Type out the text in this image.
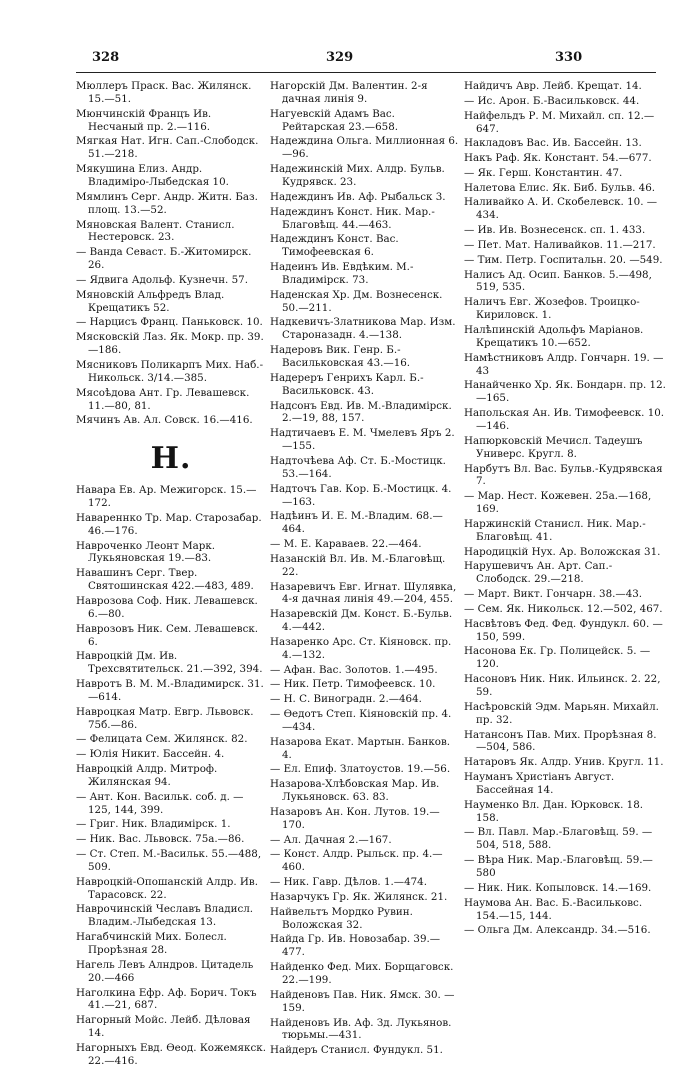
328	329	330
Мюллеръ Праск. Вас. Жилянск. 15.—51.
Мюнчинскій Францъ Ив. Несчаный пр. 2.—116.
Мягкая Нат. Игн. Сап.-Слободск. 51.—218.
Мякушина Елиз. Андр. Владиміро-Лыбедская 10.
Мямлинъ Серг. Андр. Житн. Баз. площ. 13.—52.
Мяновская Валент. Станисл. Нестеровск. 23.
— Ванда Севаст. Б.-Житомирск. 26.
— Ядвига Адольф. Кузнечн. 57.
Мяновскій Альфредъ Влад. Крещатикъ 52.
— Нарцисъ Франц. Паньковск. 10.
Мясковскій Лаз. Як. Мокр. пр. 39.—186.
Мясниковъ Поликарпъ Мих. Наб.-Никольск. 3/14.—385.
Мясоѣдова Ант. Гр. Левашевск. 11.—80, 81.
Мячинъ Ав. Ал. Совск. 16.—416.
Н.
Навара Ев. Ар. Межигорск. 15.—172.
Навареннко Тр. Мар. Старозабар. 46.—176.
Навроченко Леонт Марк. Лукьяновская 19.—83.
Навашинъ Серг. Твер. Святошинская 422.—483, 489.
Наврозова Соф. Ник. Левашевск. 6.—80.
Наврозовъ Ник. Сем. Левашевск. 6.
Навроцкій Дм. Ив. Трехсвятительск. 21.—392, 394.
Навротъ В. М. М.-Владимирск. 31.—614.
Навроцкая Матр. Евгр. Львовск. 75б.—86.
— Фелицата Сем. Жилянск. 82.
— Юлія Никит. Бассейн. 4.
Навроцкій Алдр. Митроф. Жилянская 94.
— Ант. Кон. Васильк. соб. д. —125, 144, 399.
— Григ. Ник. Владимірск. 1.
— Ник. Вас. Львовск. 75а.—86.
— Ст. Степ. М.-Васильк. 55.—488, 509.
Навроцкій-Опошанскій Алдр. Ив. Тарасовск. 22.
Наврочинскій Чеславъ Владисл. Владим.-Лыбедская 13.
Нагабчинскій Мих. Болесл. Прорѣзная 28.
Нагель Левъ Алндров. Цитадель 20.—466
Наголкина Ефр. Аф. Борич. Токъ 41.—21, 687.
Нагорный Мойс. Лейб. Дѣловая 14.
Нагорныхъ Евд. Ѳеод. Кожемякск. 22.—416.
Нагорскій Дм. Валентин. 2-я дачная линія 9.
Нагуевскій Адамъ Вас. Рейтарская 23.—658.
Надеждина Ольга. Миллионная 6.—96.
Надежинскій Мих. Алдр. Бульв. Кудрявск. 23.
Надеждинъ Ив. Аф. Рыбальск 3.
Надеждинъ Конст. Ник. Мар.-Благовѣщ. 44.—463.
Надеждинъ Конст. Вас. Тимофеевская 6.
Надеинъ Ив. Евдѣким. М.-Владимірск. 73.
Наденская Хр. Дм. Вознесенск. 50.—211.
Надкевичъ-Златникова Мар. Изм. Староназадн. 4.—138.
Надеровъ Вик. Генр. Б.-Васильковская 43.—16.
Надереръ Генрихъ Карл. Б.-Васильковск. 43.
Надсонъ Евд. Ив. М.-Владимірск. 2.—19, 88, 157.
Надтичаевъ Е. М. Чмелевъ Яръ 2. —155.
Надточѣева Аф. Ст. Б.-Мостицк. 53.—164.
Надточъ Гав. Кор. Б.-Мостицк. 4.—163.
Надѣинъ И. Е. М.-Владим. 68.—464.
— М. Е. Караваев. 22.—464.
Назанскій Вл. Ив. М.-Благовѣщ. 22.
Назаревичъ Евг. Игнат. Шулявка, 4-я дачная линія 49.—204, 455.
Назаревскій Дм. Конст. Б.-Бульв. 4.—442.
Назаренко Арс. Ст. Кіяновск. пр. 4.—132.
— Афан. Вас. Золотов. 1.—495.
— Ник. Петр. Тимофеевск. 10.
— Н. С. Виноградн. 2.—464.
— Ѳедотъ Степ. Кіяновскій пр. 4.—434.
Назарова Екат. Мартын. Банков. 4.
— Ел. Епиф. Златоустов. 19.—56.
Назарова-Хлѣбовская Мар. Ив. Лукьяновск. 63. 83.
Назаровъ Ан. Кон. Лутов. 19.—170.
— Ал. Дачная 2.—167.
— Конст. Алдр. Рыльск. пр. 4.—460.
— Ник. Гавр. Дѣлов. 1.—474.
Назарчукъ Гр. Як. Жилянск. 21.
Найвельтъ Мордко Рувин. Воложская 32.
Найда Гр. Ив. Новозабар. 39.—477.
Найденко Фед. Мих. Борщаговск. 22.—199.
Найденовъ Пав. Ник. Ямск. 30. —159.
Найденовъ Ив. Аф. Зд. Лукьянов. тюрьмы.—431.
Найдеръ Станисл. Фундукл. 51.
Найдичъ Авр. Лейб. Крещат. 14.
— Ис. Арон. Б.-Васильковск. 44.
Найфельдъ Р. М. Михайл. сп. 12.—647.
Накладовъ Вас. Ив. Бассейн. 13.
Накъ Раф. Як. Констант. 54.—677.
— Як. Герш. Константин. 47.
Налетова Елис. Як. Биб. Бульв. 46.
Наливайко А. И. Скобелевск. 10. —434.
— Ив. Ив. Вознесенск. сп. 1. 433.
— Пет. Мат. Наливайков. 11.—217.
— Тим. Петр. Госпитальн. 20. —549.
Налисъ Ад. Осип. Банков. 5.—498, 519, 535.
Наличъ Евг. Жозефов. Троицко-Кириловск. 1.
Налѣпинскій Адольфъ Маріанов. Крещатикъ 10.—652.
Намѣстниковъ Алдр. Гончарн. 19. —43
Нанайченко Хр. Як. Бондарн. пр. 12.—165.
Напольская Ан. Ив. Тимофеевск. 10.—146.
Напюрковскій Мечисл. Тадеушъ Универс. Кругл. 8.
Нарбутъ Вл. Вас. Бульв.-Кудрявская 7.
— Мар. Нест. Кожевен. 25а.—168, 169.
Наржинскій Станисл. Ник. Мар.-Благовѣщ. 41.
Народицкій Нух. Ар. Воложская 31.
Нарушевичъ Ан. Арт. Сап.-Слободск. 29.—218.
— Март. Викт. Гончарн. 38.—43.
— Сем. Як. Никольск. 12.—502, 467.
Насвѣтовъ Фед. Фед. Фундукл. 60. —150, 599.
Насонова Ек. Гр. Полицейск. 5. —120.
Насоновъ Ник. Ник. Ильинск. 2. 22, 59.
Насѣровскій Эдм. Марьян. Михайл. пр. 32.
Натансонъ Пав. Мих. Прорѣзная 8.—504, 586.
Натаровъ Як. Алдр. Унив. Кругл. 11.
Науманъ Христіанъ Август. Бассейная 14.
Науменко Вл. Дан. Юрковск. 18. 158.
— Вл. Павл. Мар.-Благовѣщ. 59. —504, 518, 588.
— Вѣра Ник. Мар.-Благовѣщ. 59.—580
— Ник. Ник. Копыловск. 14.—169.
Наумова Ан. Вас. Б.-Васильковс. 154.—15, 144.
— Ольга Дм. Александр. 34.—516.
